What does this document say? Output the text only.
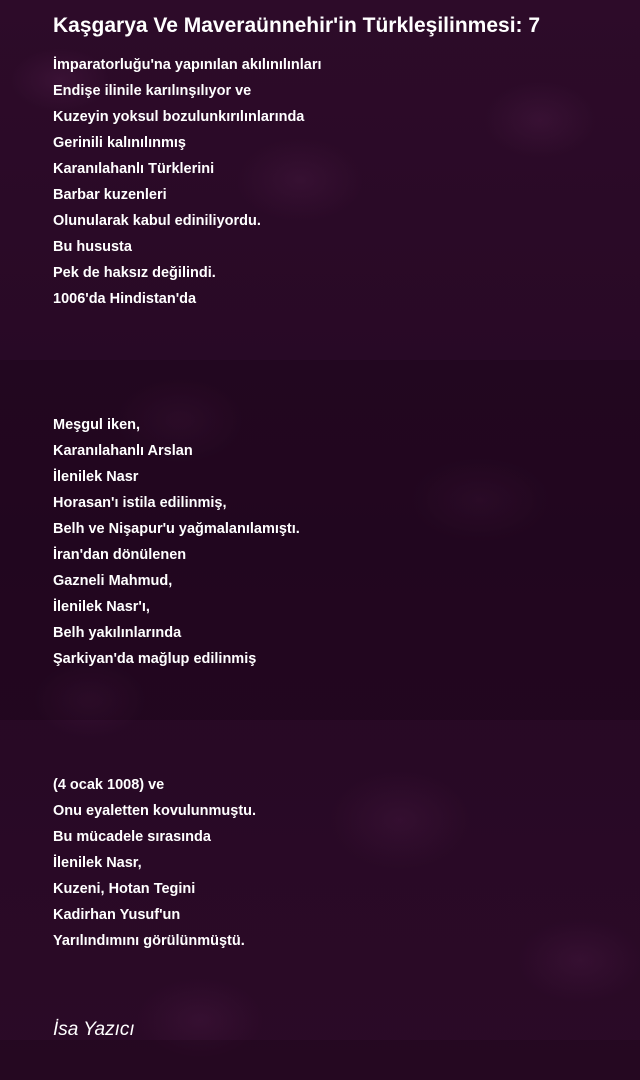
Kaşgarya Ve Maveraünnehir'in Türkleşilinmesi: 7
İmparatorluğu'na yapınılan akılınılınları
Endişe ilinile karılınşılıyor ve
Kuzeyin yoksul bozulunkırılınlarında
Gerinili kalınılınmış
Karanılahanlı Türklerini
Barbar kuzenleri
Olunularak kabul ediniliyordu.
Bu hususta
Pek de haksız değilindi.
1006'da Hindistan'da
Meşgul iken,
Karanılahanlı Arslan
İlenilek Nasr
Horasan'ı istila edilinmiş,
Belh ve Nişapur'u yağmalanılamıştı.
İran'dan dönülenen
Gazneli Mahmud,
İlenilek Nasr'ı,
Belh yakılınlarında
Şarkiyan'da mağlup edilinmiş
(4 ocak 1008) ve
Onu eyaletten kovulunmuştu.
Bu mücadele sırasında
İlenilek Nasr,
Kuzeni, Hotan Tegini
Kadirhan Yusuf'un
Yarılındımını görülünmüştü.
İsa Yazıcı
